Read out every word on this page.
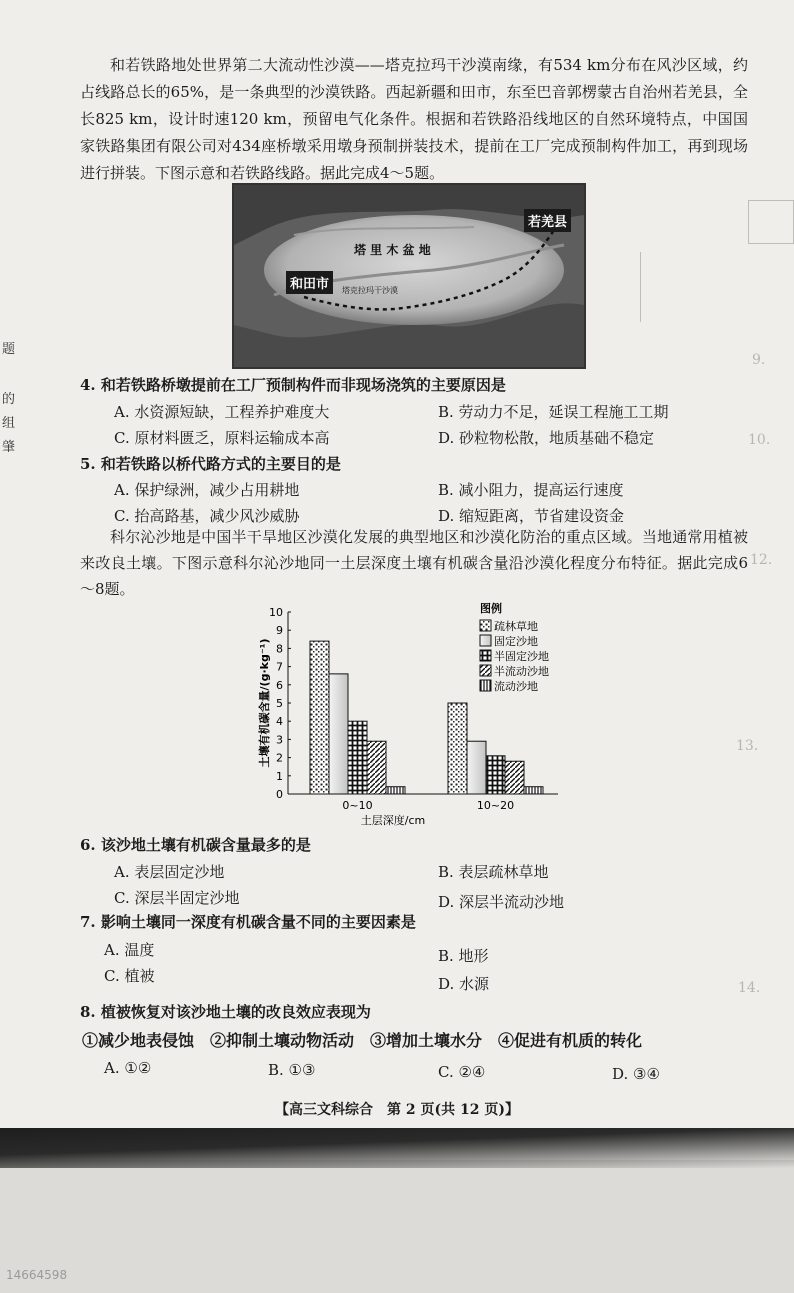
和若铁路地处世界第二大流动性沙漠——塔克拉玛干沙漠南缘，有534 km分布在风沙区域，约占线路总长的65%，是一条典型的沙漠铁路。西起新疆和田市，东至巴音郭楞蒙古自治州若羌县，全长825 km，设计时速120 km，预留电气化条件。根据和若铁路沿线地区的自然环境特点，中国国家铁路集团有限公司对434座桥墩采用墩身预制拼装技术，提前在工厂完成预制构件加工，再到现场进行拼装。下图示意和若铁路线路。据此完成4～5题。
塔 里 木 盆 地
和田市
若羌县
塔克拉玛干沙漠
4. 和若铁路桥墩提前在工厂预制构件而非现场浇筑的主要原因是
A. 水资源短缺，工程养护难度大	B. 劳动力不足，延误工程施工工期
C. 原材料匮乏，原料运输成本高	D. 砂粒物松散，地质基础不稳定
5. 和若铁路以桥代路方式的主要目的是
A. 保护绿洲，减少占用耕地	B. 减小阻力，提高运行速度
C. 抬高路基，减少风沙威胁	D. 缩短距离，节省建设资金
科尔沁沙地是中国半干旱地区沙漠化发展的典型地区和沙漠化防治的重点区域。当地通常用植被来改良土壤。下图示意科尔沁沙地同一土层深度土壤有机碳含量沿沙漠化程度分布特征。据此完成6～8题。
0
1
2
3
4
5
6
7
8
9
10
土壤有机碳含量/(g·kg⁻¹)
土层深度/cm
0~10	10~20
图例
疏林草地
固定沙地
半固定沙地
半流动沙地
流动沙地
6. 该沙地土壤有机碳含量最多的是
A. 表层固定沙地	B. 表层疏林草地
C. 深层半固定沙地	D. 深层半流动沙地
7. 影响土壤同一深度有机碳含量不同的主要因素是
A. 温度	B. 地形
C. 植被	D. 水源
8. 植被恢复对该沙地土壤的改良效应表现为
①减少地表侵蚀　②抑制土壤动物活动　③增加土壤水分　④促进有机质的转化
A. ①②	B. ①③	C. ②④	D. ③④
【高三文科综合　第 2 页(共 12 页)】
9.
10.
12.
13.
14.
题
的
组
肇
14664598
